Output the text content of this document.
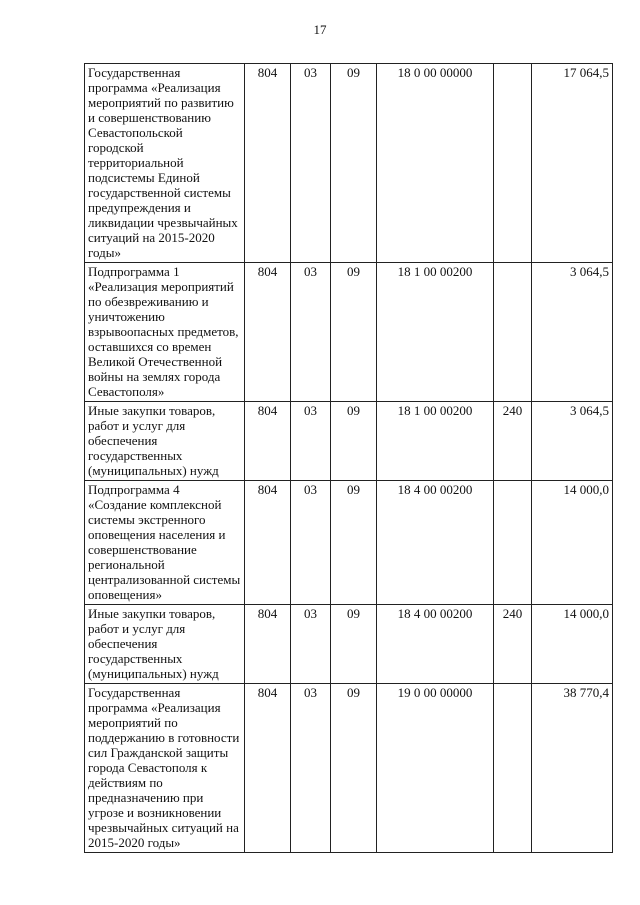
17
Государственная программа «Реализация мероприятий по развитию и совершенствованию Севастопольской городской территориальной подсистемы Единой государственной системы предупреждения и ликвидации чрезвычайных ситуаций на 2015-2020 годы»	804	03	09	18 0 00 00000		17 064,5
Подпрограмма 1 «Реализация мероприятий по обезвреживанию и уничтожению взрывоопасных предметов, оставшихся со времен Великой Отечественной войны на землях города Севастополя»	804	03	09	18 1 00 00200		3 064,5
Иные закупки товаров, работ и услуг для обеспечения государственных (муниципальных) нужд	804	03	09	18 1 00 00200	240	3 064,5
Подпрограмма 4 «Создание комплексной системы экстренного оповещения населения и совершенствование региональной централизованной системы оповещения»	804	03	09	18 4 00 00200		14 000,0
Иные закупки товаров, работ и услуг для обеспечения государственных (муниципальных) нужд	804	03	09	18 4 00 00200	240	14 000,0
Государственная программа «Реализация мероприятий по поддержанию в готовности сил Гражданской защиты города Севастополя к действиям по предназначению при угрозе и возникновении чрезвычайных ситуаций на 2015-2020 годы»	804	03	09	19 0 00 00000		38 770,4
